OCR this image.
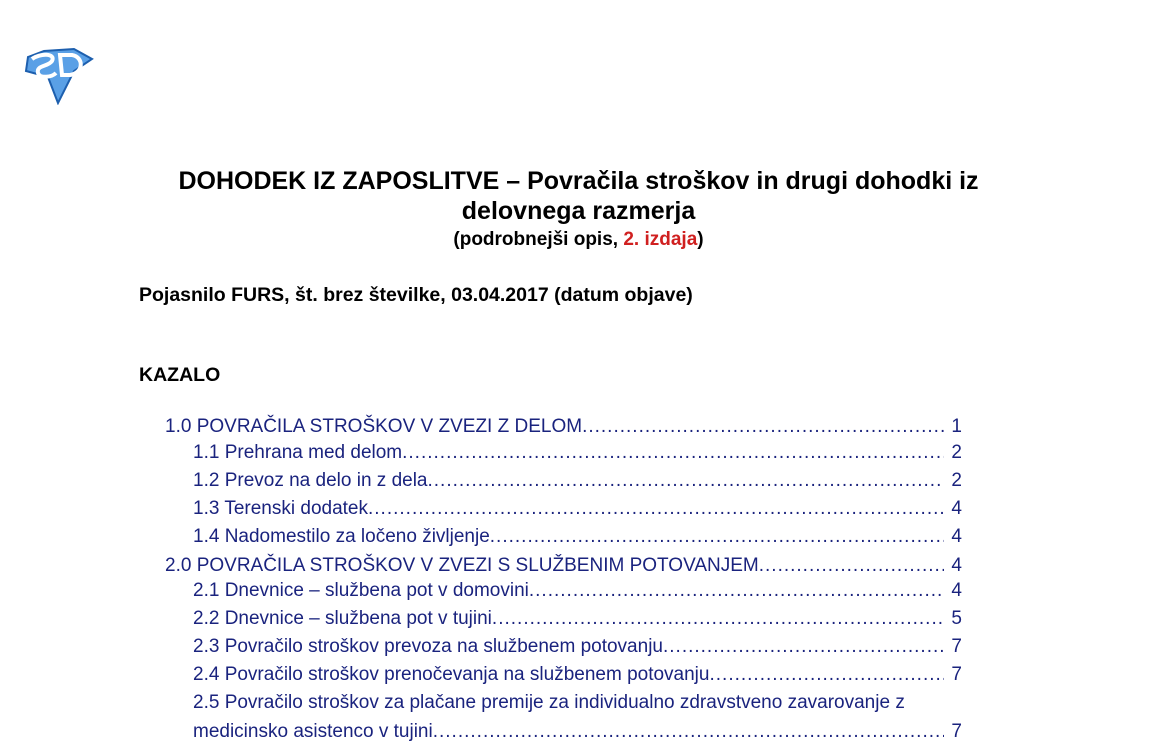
DOHODEK IZ ZAPOSLITVE – Povračila stroškov in drugi dohodki iz delovnega razmerja
(podrobnejši opis, 2. izdaja)
Pojasnilo FURS, št. brez številke, 03.04.2017 (datum objave)
KAZALO
1.0 POVRAČILA STROŠKOV V ZVEZI Z DELOM .....	1
1.1 Prehrana med delom .....	2
1.2 Prevoz na delo in z dela .....	2
1.3 Terenski dodatek .....	4
1.4 Nadomestilo za ločeno življenje .....	4
2.0 POVRAČILA STROŠKOV V ZVEZI S SLUŽBENIM POTOVANJEM .....	4
2.1 Dnevnice – službena pot v domovini .....	4
2.2 Dnevnice – službena pot v tujini .....	5
2.3 Povračilo stroškov prevoza na službenem potovanju .....	7
2.4 Povračilo stroškov prenočevanja na službenem potovanju .....	7
2.5 Povračilo stroškov za plačane premije za individualno zdravstveno zavarovanje z
medicinsko asistenco v tujini .....	7
